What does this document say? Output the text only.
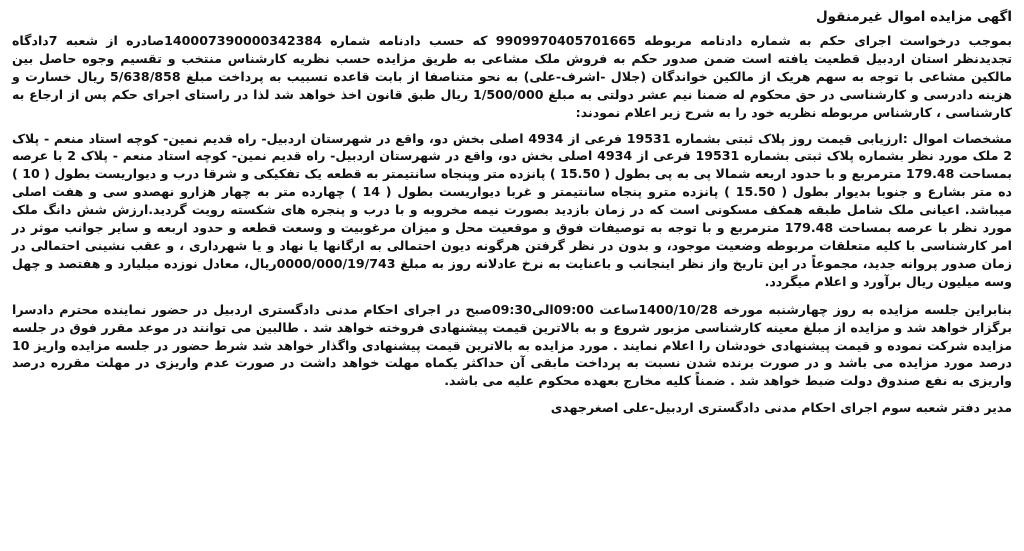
اگهی مزایده اموال غیرمنقول

بموجب درخواست اجرای حکم به شماره دادنامه مربوطه 9909970405701665 که حسب دادنامه شماره 140007390000342384صادره از شعبه 7دادگاه تجدیدنظر استان اردبیل قطعیت یافته است ضمن صدور حکم به فروش ملک مشاعی به طریق مزایده حسب نظریه کارشناس منتخب و تقسیم وجوه حاصل بین مالکین مشاعی با توجه به سهم هریک از مالکین خواندگان (جلال -اشرف-علی) به نحو متناصفا از بابت قاعده تسبیب به پرداخت مبلغ 5/638/858 ریال خسارت و هزینه دادرسی و کارشناسی در حق محکوم له ضمنا نیم عشر دولتی به مبلغ 1/500/000 ریال طبق قانون اخذ خواهد شد لذا در راستای اجرای حکم پس از ارجاع به کارشناسی ، کارشناس مربوطه نظریه خود را به شرح زیر اعلام نمودند:

مشخصات اموال :ارزیابی قیمت روز پلاک ثبتی بشماره 19531 فرعی از 4934 اصلی بخش دو، واقع در شهرستان اردبیل- راه قدیم نمین- کوچه استاد منعم - پلاک 2 ملک مورد نظر بشماره پلاک ثبتی بشماره 19531 فرعی از 4934 اصلی بخش دو، واقع در شهرستان اردبیل- راه قدیم نمین- کوچه استاد منعم - پلاک 2 با عرصه بمساحت 179.48 مترمربع و با حدود اربعه شمالا پی به پی بطول ( 15.50 ) پانزده متر وپنجاه سانتیمتر به قطعه یک تفکیکی و شرقا درب و دیواریست بطول ( 10 ) ده متر بشارع و جنوبا بدیوار بطول ( 15.50 ) پانزده مترو پنجاه سانتیمتر و غربا دیواریست بطول ( 14 ) چهارده متر به چهار هزارو نهصدو سی و هفت اصلی میباشد. اعیانی ملک شامل طبقه همکف مسکونی است که در زمان بازدید بصورت نیمه مخروبه و با درب و پنجره های شکسته رویت گردید.ارزش شش دانگ ملک مورد نظر با عرصه بمساحت 179.48 مترمربع و با توجه به توصیفات فوق و موقعیت محل و میزان مرغوبیت و وسعت قطعه و حدود اربعه و سایر جوانب موثر در امر کارشناسی با کلیه متعلقات مربوطه وضعیت موجود، و بدون در نظر گرفتن هرگونه دیون احتمالی به ارگانها یا نهاد و یا شهرداری ، و عقب نشینی احتمالی در زمان صدور پروانه جدید، مجموعاً در این تاریخ واز نظر اینجانب و باعنایت به نرخ عادلانه روز به مبلغ 0000/000/19/743ریال، معادل نوزده میلیارد و هفتصد و چهل وسه میلیون ریال برآورد و اعلام میگردد.

بنابراین جلسه مزایده به روز چهارشنبه مورخه 1400/10/28ساعت 09:00الی09:30صبح در اجرای احکام مدنی دادگستری اردبیل در حضور نماینده محترم دادسرا برگزار خواهد شد و مزایده از مبلغ معینه کارشناسی مزبور شروع و به بالاترین قیمت پیشنهادی فروخته خواهد شد . طالبین می توانند در موعد مقرر فوق در جلسه مزایده شرکت نموده و قیمت پیشنهادی خودشان را اعلام نمایند . مورد مزایده به بالاترین قیمت پیشنهادی واگذار خواهد شد شرط حضور در جلسه مزایده واریز 10 درصد مورد مزایده می باشد و در صورت برنده شدن نسبت به پرداخت مابقی آن حداکثر یکماه مهلت خواهد داشت در صورت عدم واریزی در مهلت مقرره درصد واریزی به نفع صندوق دولت ضبط خواهد شد . ضمناً کلیه مخارج بعهده محکوم علیه می باشد.

مدیر دفتر شعبه سوم اجرای احکام مدنی دادگستری اردبیل-علی اصغرجهدی
